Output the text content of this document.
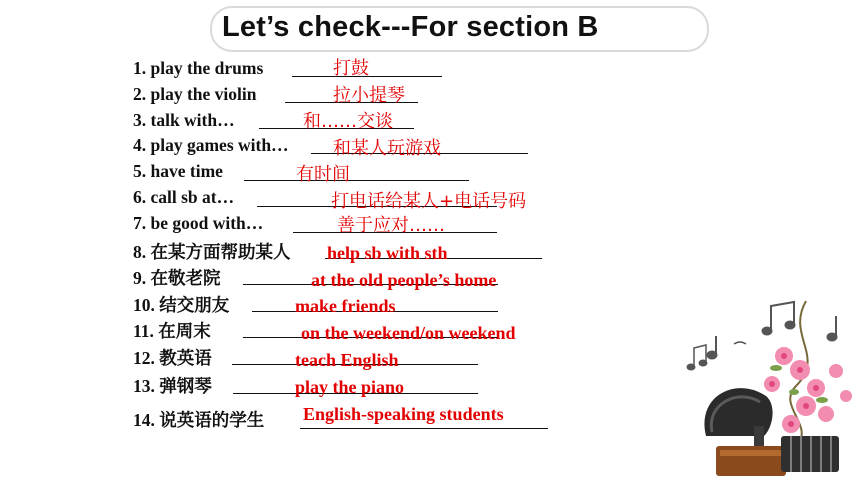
Let’s check---For section B
1. play the drums	打鼓
2. play the violin	拉小提琴
3. talk with…	和……交谈
4. play games with… 和某人玩游戏
5. have time	有时间
6. call sb at…	打电话给某人+电话号码
7. be good with…	善于应对……
8. 在某方面帮助某人 help sb with sth
9. 在敬老院	at the old people’s home
10. 结交朋友	make friends
11. 在周末	on the weekend/on weekend
12. 教英语	teach English
13. 弹钢琴	play the piano
14. 说英语的学生 English-speaking students
